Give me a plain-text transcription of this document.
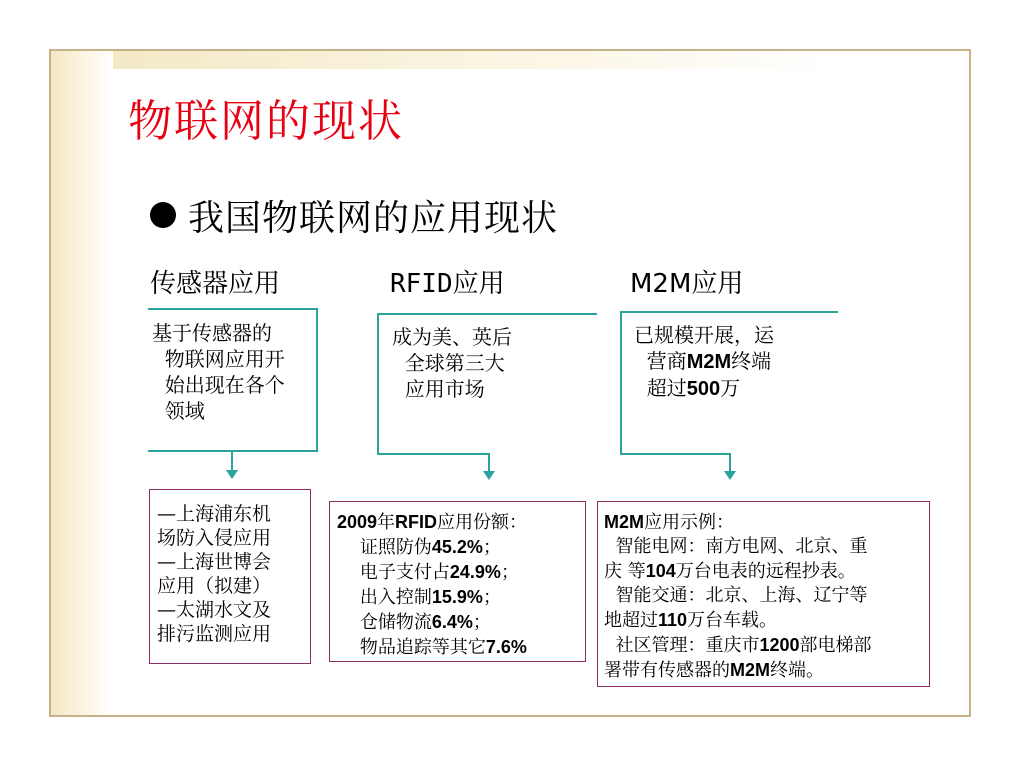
物联网的现状
我国物联网的应用现状
传感器应用
基于传感器的
物联网应用开
始出现在各个
领域
—上海浦东机
场防入侵应用
—上海世博会
应用（拟建）
—太湖水文及
排污监测应用
RFID应用
成为美、英后
全球第三大
应用市场
2009年RFID应用份额：
证照防伪45.2%；
电子支付占24.9%；
出入控制15.9%；
仓储物流6.4%；
物品追踪等其它7.6%
M2M应用
已规模开展，运
营商M2M终端
超过500万
M2M应用示例：
智能电网：南方电网、北京、重
庆 等104万台电表的远程抄表。
智能交通：北京、上海、辽宁等
地超过110万台车载。
社区管理：重庆市1200部电梯部
署带有传感器的M2M终端。
